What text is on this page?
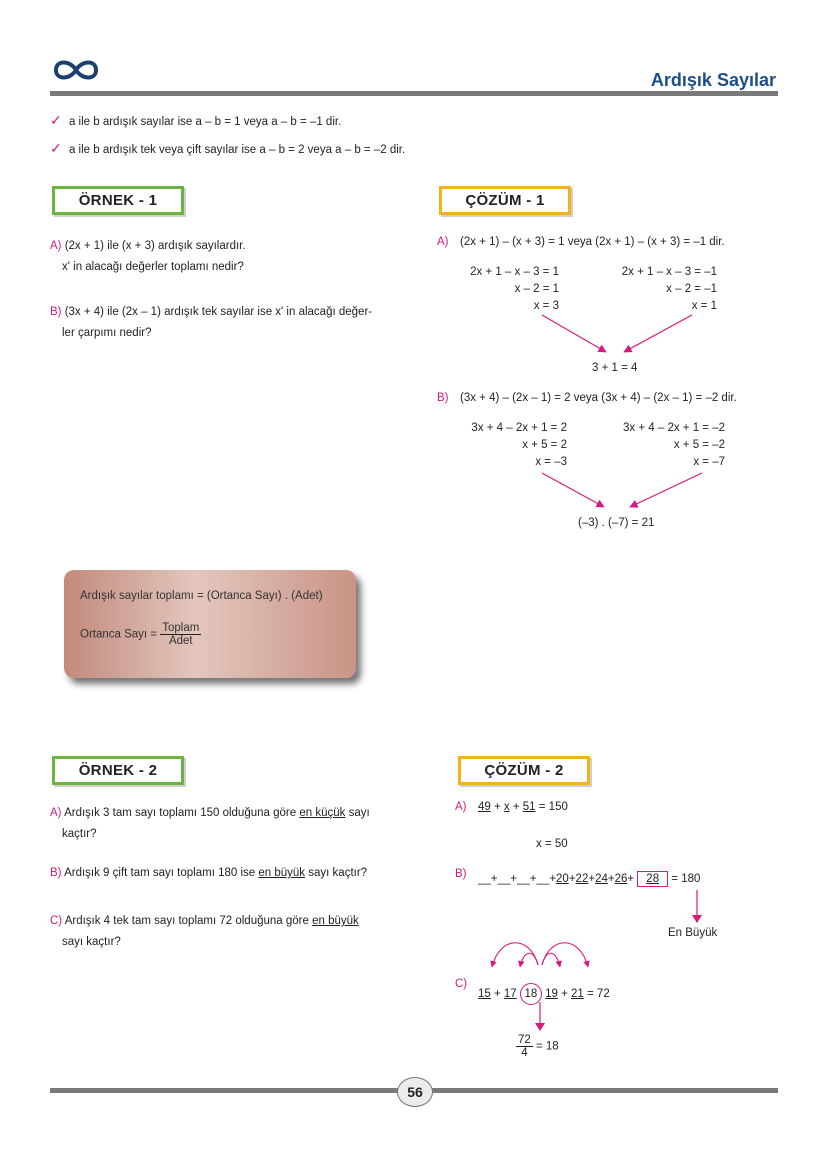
Ardışık Sayılar
✓ a ile b ardışık sayılar ise a – b = 1 veya a – b = –1 dir.
✓ a ile b ardışık tek veya çift sayılar ise a – b = 2 veya a – b = –2 dir.
ÖRNEK - 1
A) (2x + 1) ile (x + 3) ardışık sayılardır.
x' in alacağı değerler toplamı nedir?
B) (3x + 4) ile (2x – 1) ardışık tek sayılar ise x' in alacağı değer-
ler çarpımı nedir?
ÇÖZÜM - 1
A) (2x + 1) – (x + 3) = 1 veya (2x + 1) – (x + 3) = –1 dir.
2x + 1 – x – 3 = 1
x – 2 = 1
x = 3
2x + 1 – x – 3 = –1
x – 2 = –1
x = 1
3 + 1 = 4
B) (3x + 4) – (2x – 1) = 2 veya (3x + 4) – (2x – 1) = –2 dir.
3x + 4 – 2x + 1 = 2
x + 5 = 2
x = –3
3x + 4 – 2x + 1 = –2
x + 5 = –2
x = –7
(–3) . (–7) = 21
Ardışık sayılar toplamı = (Ortanca Sayı) . (Adet)
Ortanca Sayı = $\frac{\text{Toplam}}{Adet}$
ÖRNEK - 2
A) Ardışık 3 tam sayı toplamı 150 olduğuna göre en küçük sayı
kaçtır?
B) Ardışık 9 çift tam sayı toplamı 180 ise en büyük sayı kaçtır?
C) Ardışık 4 tek tam sayı toplamı 72 olduğuna göre en büyük
sayı kaçtır?
ÇÖZÜM - 2
A) 49 + x + 51 = 150
x = 50
B) __+__+__+__+20+22+24+26+ 28 = 180
En Büyük
C)
15 + 17 18 19 + 21 = 72
$\frac{72}{4} = 18$
56
